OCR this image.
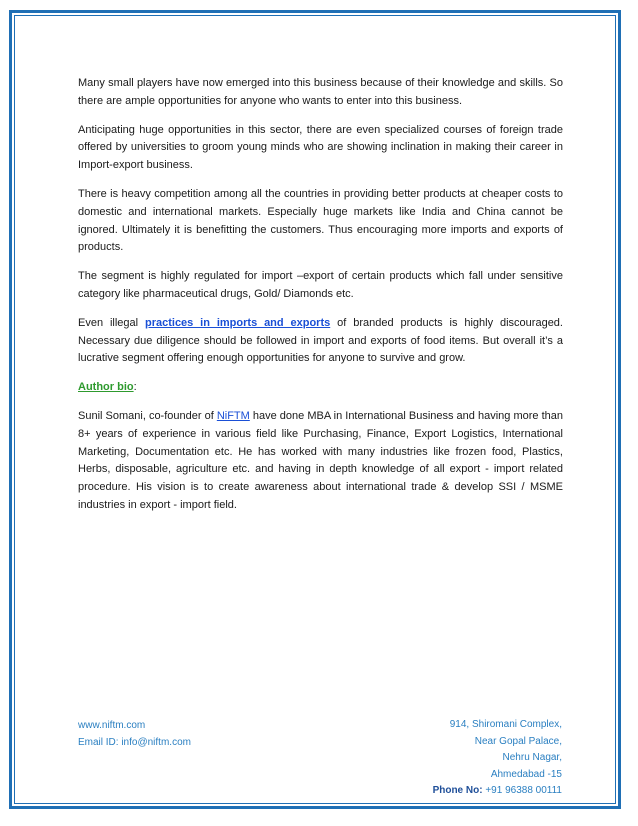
Many small players have now emerged into this business because of their knowledge and skills. So there are ample opportunities for anyone who wants to enter into this business.

Anticipating huge opportunities in this sector, there are even specialized courses of foreign trade offered by universities to groom young minds who are showing inclination in making their career in Import-export business.

There is heavy competition among all the countries in providing better products at cheaper costs to domestic and international markets. Especially huge markets like India and China cannot be ignored. Ultimately it is benefitting the customers. Thus encouraging more imports and exports of products.

The segment is highly regulated for import –export of certain products which fall under sensitive category like pharmaceutical drugs, Gold/ Diamonds etc.

Even illegal practices in imports and exports of branded products is highly discouraged. Necessary due diligence should be followed in import and exports of food items. But overall it’s a lucrative segment offering enough opportunities for anyone to survive and grow.

Author bio:

Sunil Somani, co-founder of NiFTM have done MBA in International Business and having more than 8+ years of experience in various field like Purchasing, Finance, Export Logistics, International Marketing, Documentation etc. He has worked with many industries like frozen food, Plastics, Herbs, disposable, agriculture etc. and having in depth knowledge of all export - import related procedure. His vision is to create awareness about international trade & develop SSI / MSME industries in export - import field.

www.niftm.com
Email ID: info@niftm.com
914, Shiromani Complex,
Near Gopal Palace,
Nehru Nagar,
Ahmedabad -15
Phone No: +91 96388 00111
